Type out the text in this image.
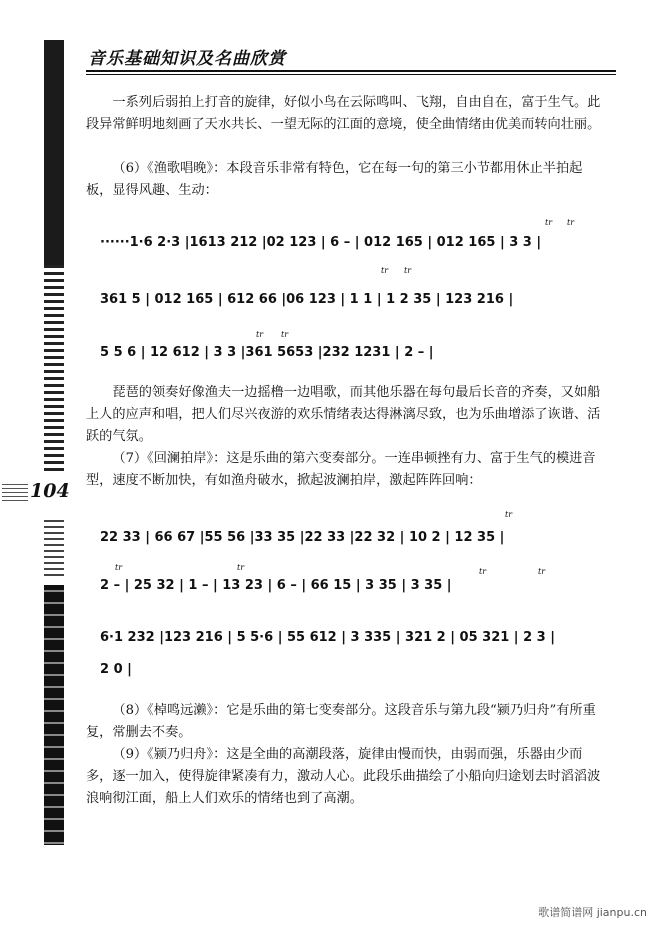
104
音乐基础知识及名曲欣赏

一系列后弱拍上打音的旋律，好似小鸟在云际鸣叫、飞翔，自由自在，富于生气。此段异常鲜明地刻画了天水共长、一望无际的江面的意境，使全曲情绪由优美而转向壮丽。

（6）《渔歌唱晚》：本段音乐非常有特色，它在每一句的第三小节都用休止半拍起板，显得风趣、生动：

······1·6 2·3 |1613 212 |02 123 | 6 – | 012 165 | 012 165 | 3 3 |
tr tr
361 5 | 012 165 | 612 66 |06 123 | 1 1 | 1 2 35 | 123 216 |
tr tr
5 5 6 | 12 612 | 3 3 |361 5653 |232 1231 | 2 – |
tr tr

琵琶的领奏好像渔夫一边摇橹一边唱歌，而其他乐器在每句最后长音的齐奏，又如船上人的应声和唱，把人们尽兴夜游的欢乐情绪表达得淋漓尽致，也为乐曲增添了诙谐、活跃的气氛。

（7）《回澜拍岸》：这是乐曲的第六变奏部分。一连串顿挫有力、富于生气的模进音型，速度不断加快，有如渔舟破水，掀起波澜拍岸，激起阵阵回响：

22 33 | 66 67 |55 56 |33 35 |22 33 |22 32 | 10 2 | 12 35 |
tr
2 – | 25 32 | 1 – | 13 23 | 6 – | 66 15 | 3 35 | 3 35 |
tr	tr	tr	tr
6·1 232 |123 216 | 5 5·6 | 55 612 | 3 335 | 321 2 | 05 321 | 2 3 |
2 0 |

（8）《棹鸣远濑》：它是乐曲的第七变奏部分。这段音乐与第九段“颍乃归舟”有所重复，常删去不奏。

（9）《颍乃归舟》：这是全曲的高潮段落，旋律由慢而快，由弱而强，乐器由少而多，逐一加入，使得旋律紧凑有力，激动人心。此段乐曲描绘了小船向归途划去时滔滔波浪响彻江面，船上人们欢乐的情绪也到了高潮。

歌谱简谱网 jianpu.cn
